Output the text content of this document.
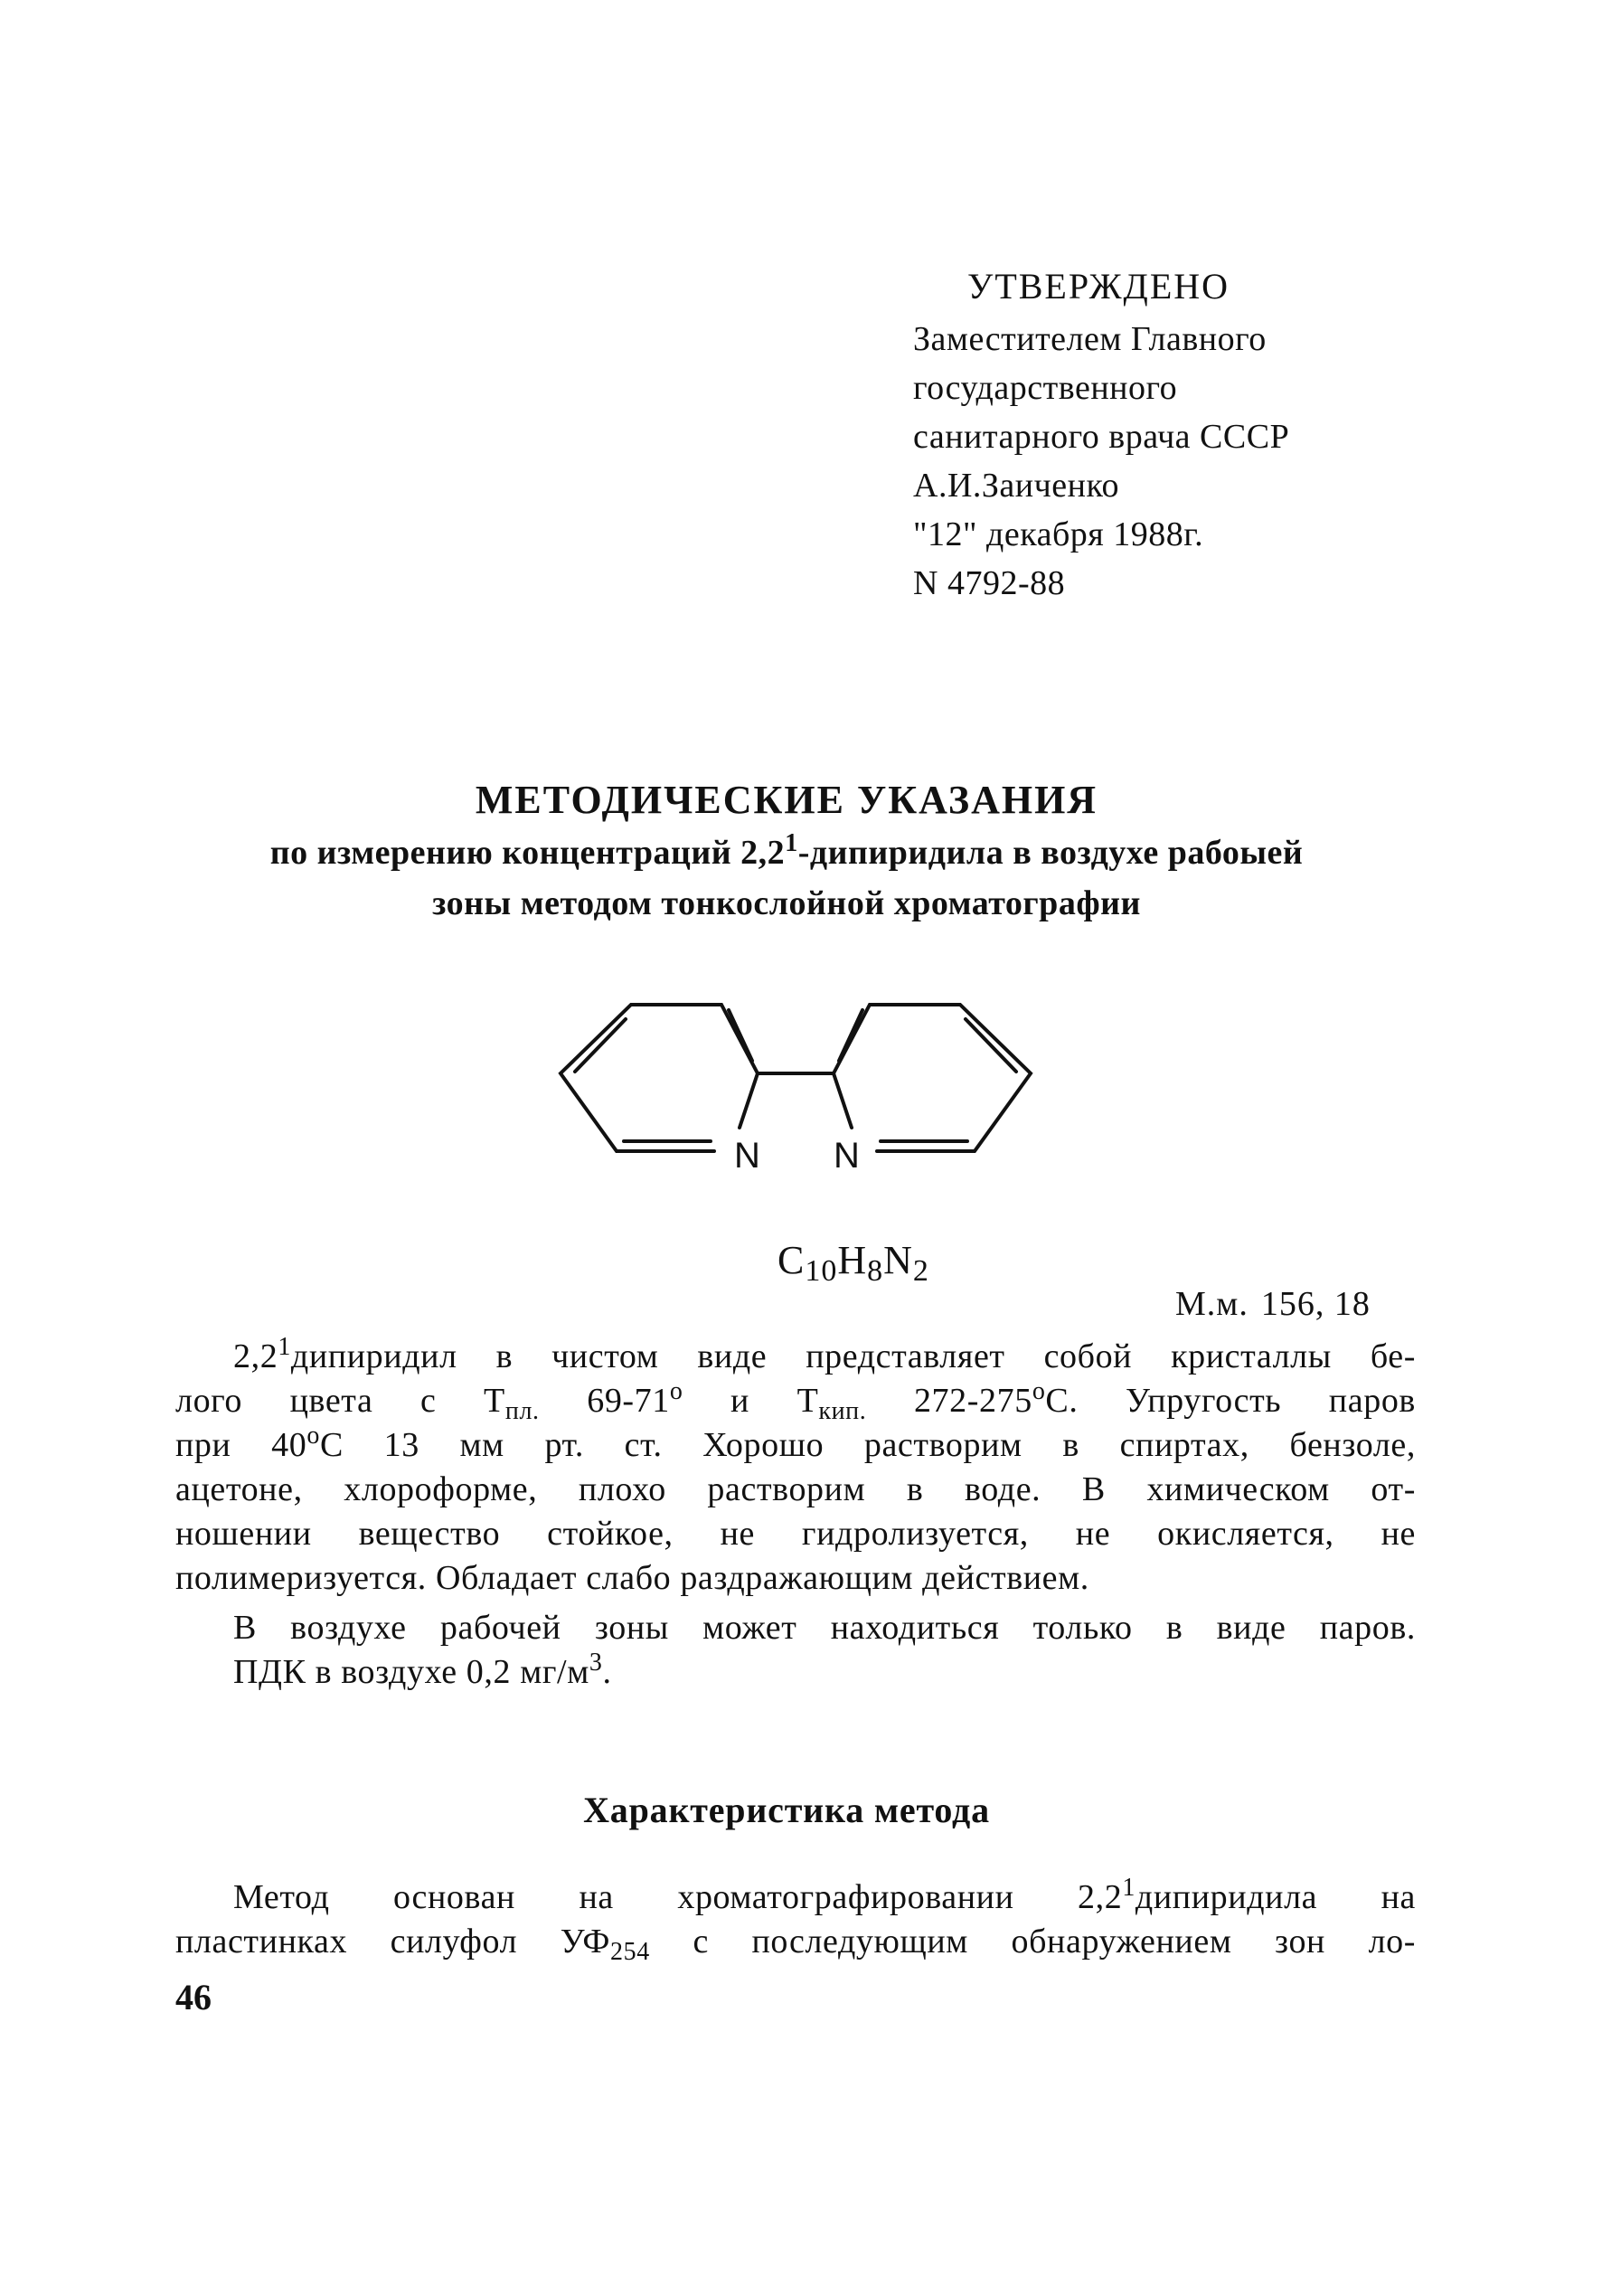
УТВЕРЖДЕНО
Заместителем Главного
государственного
санитарного врача СССР
А.И.Заиченко
"12" декабря 1988г.
N 4792-88
МЕТОДИЧЕСКИЕ УКАЗАНИЯ
по измерению концентраций $2,2^1$-дипиридила в воздухе рабоыей
зоны методом тонкослойной хроматографии
N N
$C_{10}H_8N_2$
М.м. 156, 18
$2,2^1дипиридил$ в чистом виде представляет собой кристаллы бе-
лого цвета с $Т_{пл.}$ $69-71^о$ и $Т_{кип.}$ $272-275^оС$. Упругость паров
при $40^оС$ 13 мм рт. ст. Хорошо растворим в спиртах, бензоле,
ацетоне, хлороформе, плохо растворим в воде. В химическом от-
ношении вещество стойкое, не гидролизуется, не окисляется, не
полимеризуется. Обладает слабо раздражающим действием.
В воздухе рабочей зоны может находиться только в виде паров.
ПДК в воздухе 0,2 $мг/м^3$.
Характеристика метода
Метод основан на хроматографировании $2,2^1дипиридила$ на
пластинках силуфол $УФ_{254}$ с последующим обнаружением зон ло-
46
